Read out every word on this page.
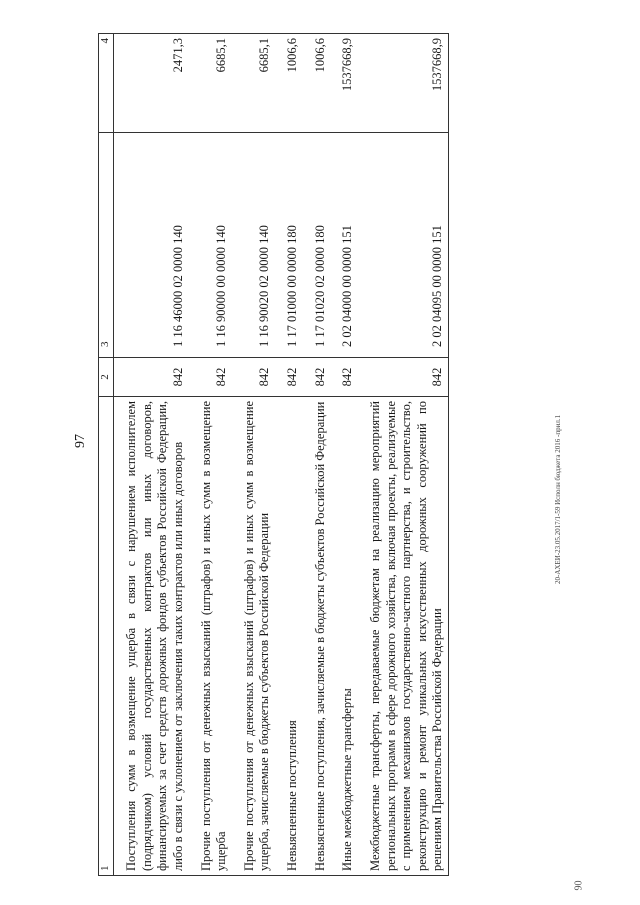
97	20-АХЕИ-23.05.2017/1-59 Исполн бюджета 2016 -прил.1
90
1	2	3	4
Поступления сумм в возмещение ущерба в связи с нарушением исполнителем (подрядчиком) условий государственных контрактов или иных договоров, финансируемых за счет средств дорожных фондов субъектов Российской Федерации, либо в связи с уклонением от заключения таких контрактов или иных договоров	842	1 16 46000 02 0000 140	2471,3
Прочие поступления от денежных взысканий (штрафов) и иных сумм в возмещение ущерба	842	1 16 90000 00 0000 140	6685,1
Прочие поступления от денежных взысканий (штрафов) и иных сумм в возмещение ущерба, зачисляемые в бюджеты субъектов Российской Федерации	842	1 16 90020 02 0000 140	6685,1
Невыясненные поступления	842	1 17 01000 00 0000 180	1006,6
Невыясненные поступления, зачисляемые в бюджеты субъектов Российской Федерации	842	1 17 01020 02 0000 180	1006,6
Иные межбюджетные трансферты	842	2 02 04000 00 0000 151	1537668,9
Межбюджетные трансферты, передаваемые бюджетам на реализацию мероприятий региональных программ в сфере дорожного хозяйства, включая проекты, реализуемые с применением механизмов государственно-частного партнерства, и строительство, реконструкцию и ремонт уникальных искусственных дорожных сооружений по решениям Правительства Российской Федерации	842	2 02 04095 00 0000 151	1537668,9
